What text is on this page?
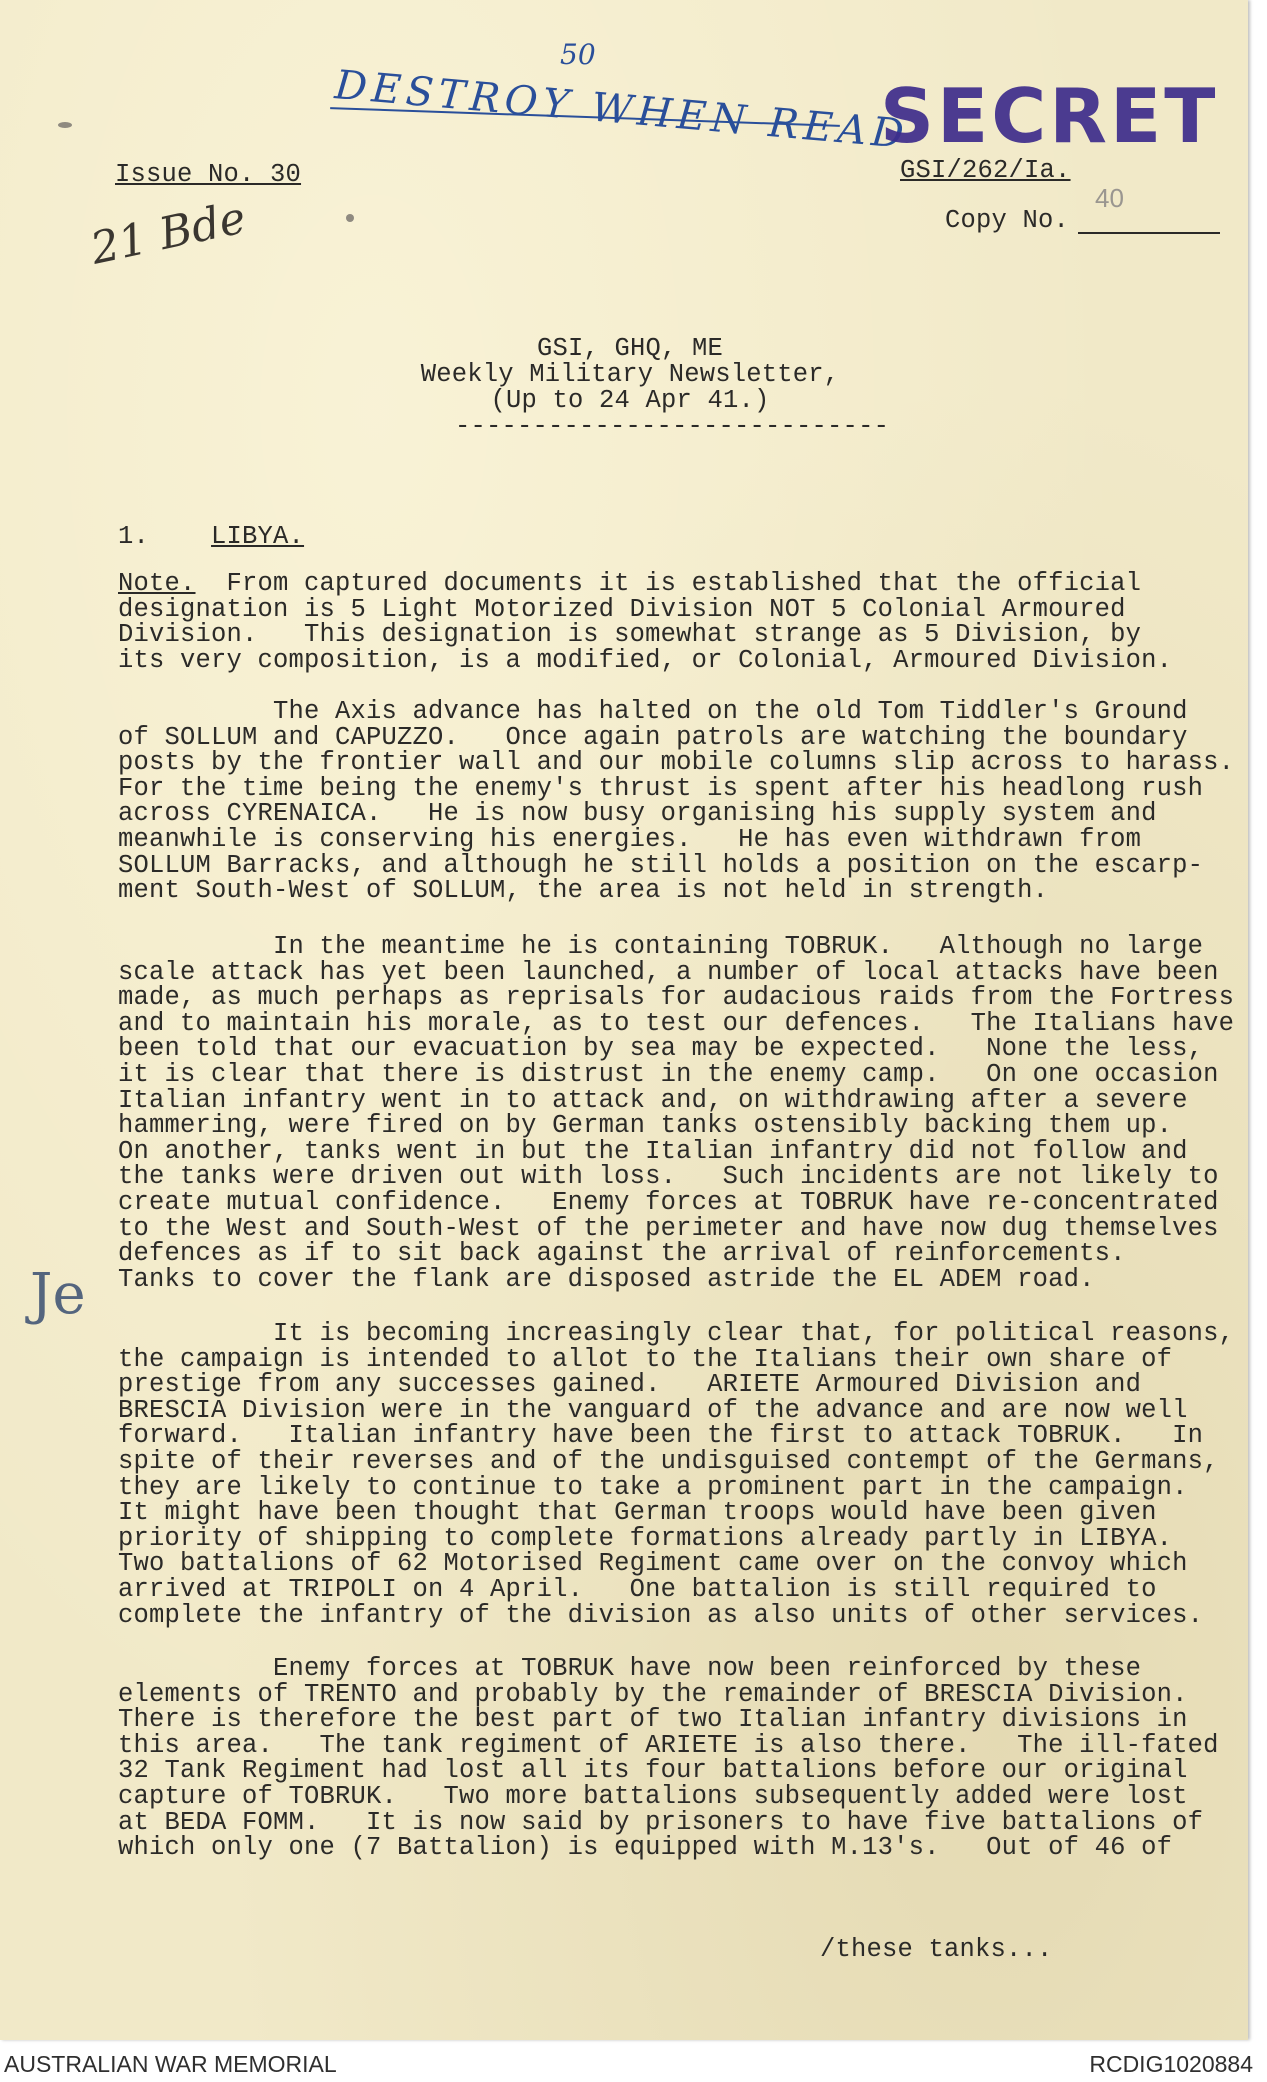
DESTROY WHEN READ
50
SECRET
Issue No. 30	GSI/262/Ia.
Copy No.
40
21 Bde
GSI, GHQ, ME
Weekly Military Newsletter,
(Up to 24 Apr 41.)
----------------------------
1. LIBYA.
Note.  From captured documents it is established that the official
designation is 5 Light Motorized Division NOT 5 Colonial Armoured
Division.   This designation is somewhat strange as 5 Division, by
its very composition, is a modified, or Colonial, Armoured Division.
The Axis advance has halted on the old Tom Tiddler's Ground
of SOLLUM and CAPUZZO.   Once again patrols are watching the boundary
posts by the frontier wall and our mobile columns slip across to harass.
For the time being the enemy's thrust is spent after his headlong rush
across CYRENAICA.   He is now busy organising his supply system and
meanwhile is conserving his energies.   He has even withdrawn from
SOLLUM Barracks, and although he still holds a position on the escarp-
ment South-West of SOLLUM, the area is not held in strength.
In the meantime he is containing TOBRUK.   Although no large
scale attack has yet been launched, a number of local attacks have been
made, as much perhaps as reprisals for audacious raids from the Fortress
and to maintain his morale, as to test our defences.   The Italians have
been told that our evacuation by sea may be expected.   None the less,
it is clear that there is distrust in the enemy camp.   On one occasion
Italian infantry went in to attack and, on withdrawing after a severe
hammering, were fired on by German tanks ostensibly backing them up.
On another, tanks went in but the Italian infantry did not follow and
the tanks were driven out with loss.   Such incidents are not likely to
create mutual confidence.   Enemy forces at TOBRUK have re-concentrated
to the West and South-West of the perimeter and have now dug themselves
defences as if to sit back against the arrival of reinforcements.
Tanks to cover the flank are disposed astride the EL ADEM road.
It is becoming increasingly clear that, for political reasons,
the campaign is intended to allot to the Italians their own share of
prestige from any successes gained.   ARIETE Armoured Division and
BRESCIA Division were in the vanguard of the advance and are now well
forward.   Italian infantry have been the first to attack TOBRUK.   In
spite of their reverses and of the undisguised contempt of the Germans,
they are likely to continue to take a prominent part in the campaign.
It might have been thought that German troops would have been given
priority of shipping to complete formations already partly in LIBYA.
Two battalions of 62 Motorised Regiment came over on the convoy which
arrived at TRIPOLI on 4 April.   One battalion is still required to
complete the infantry of the division as also units of other services.
Enemy forces at TOBRUK have now been reinforced by these
elements of TRENTO and probably by the remainder of BRESCIA Division.
There is therefore the best part of two Italian infantry divisions in
this area.   The tank regiment of ARIETE is also there.   The ill-fated
32 Tank Regiment had lost all its four battalions before our original
capture of TOBRUK.   Two more battalions subsequently added were lost
at BEDA FOMM.   It is now said by prisoners to have five battalions of
which only one (7 Battalion) is equipped with M.13's.   Out of 46 of
Je
/these tanks...
AUSTRALIAN WAR MEMORIAL	RCDIG1020884
